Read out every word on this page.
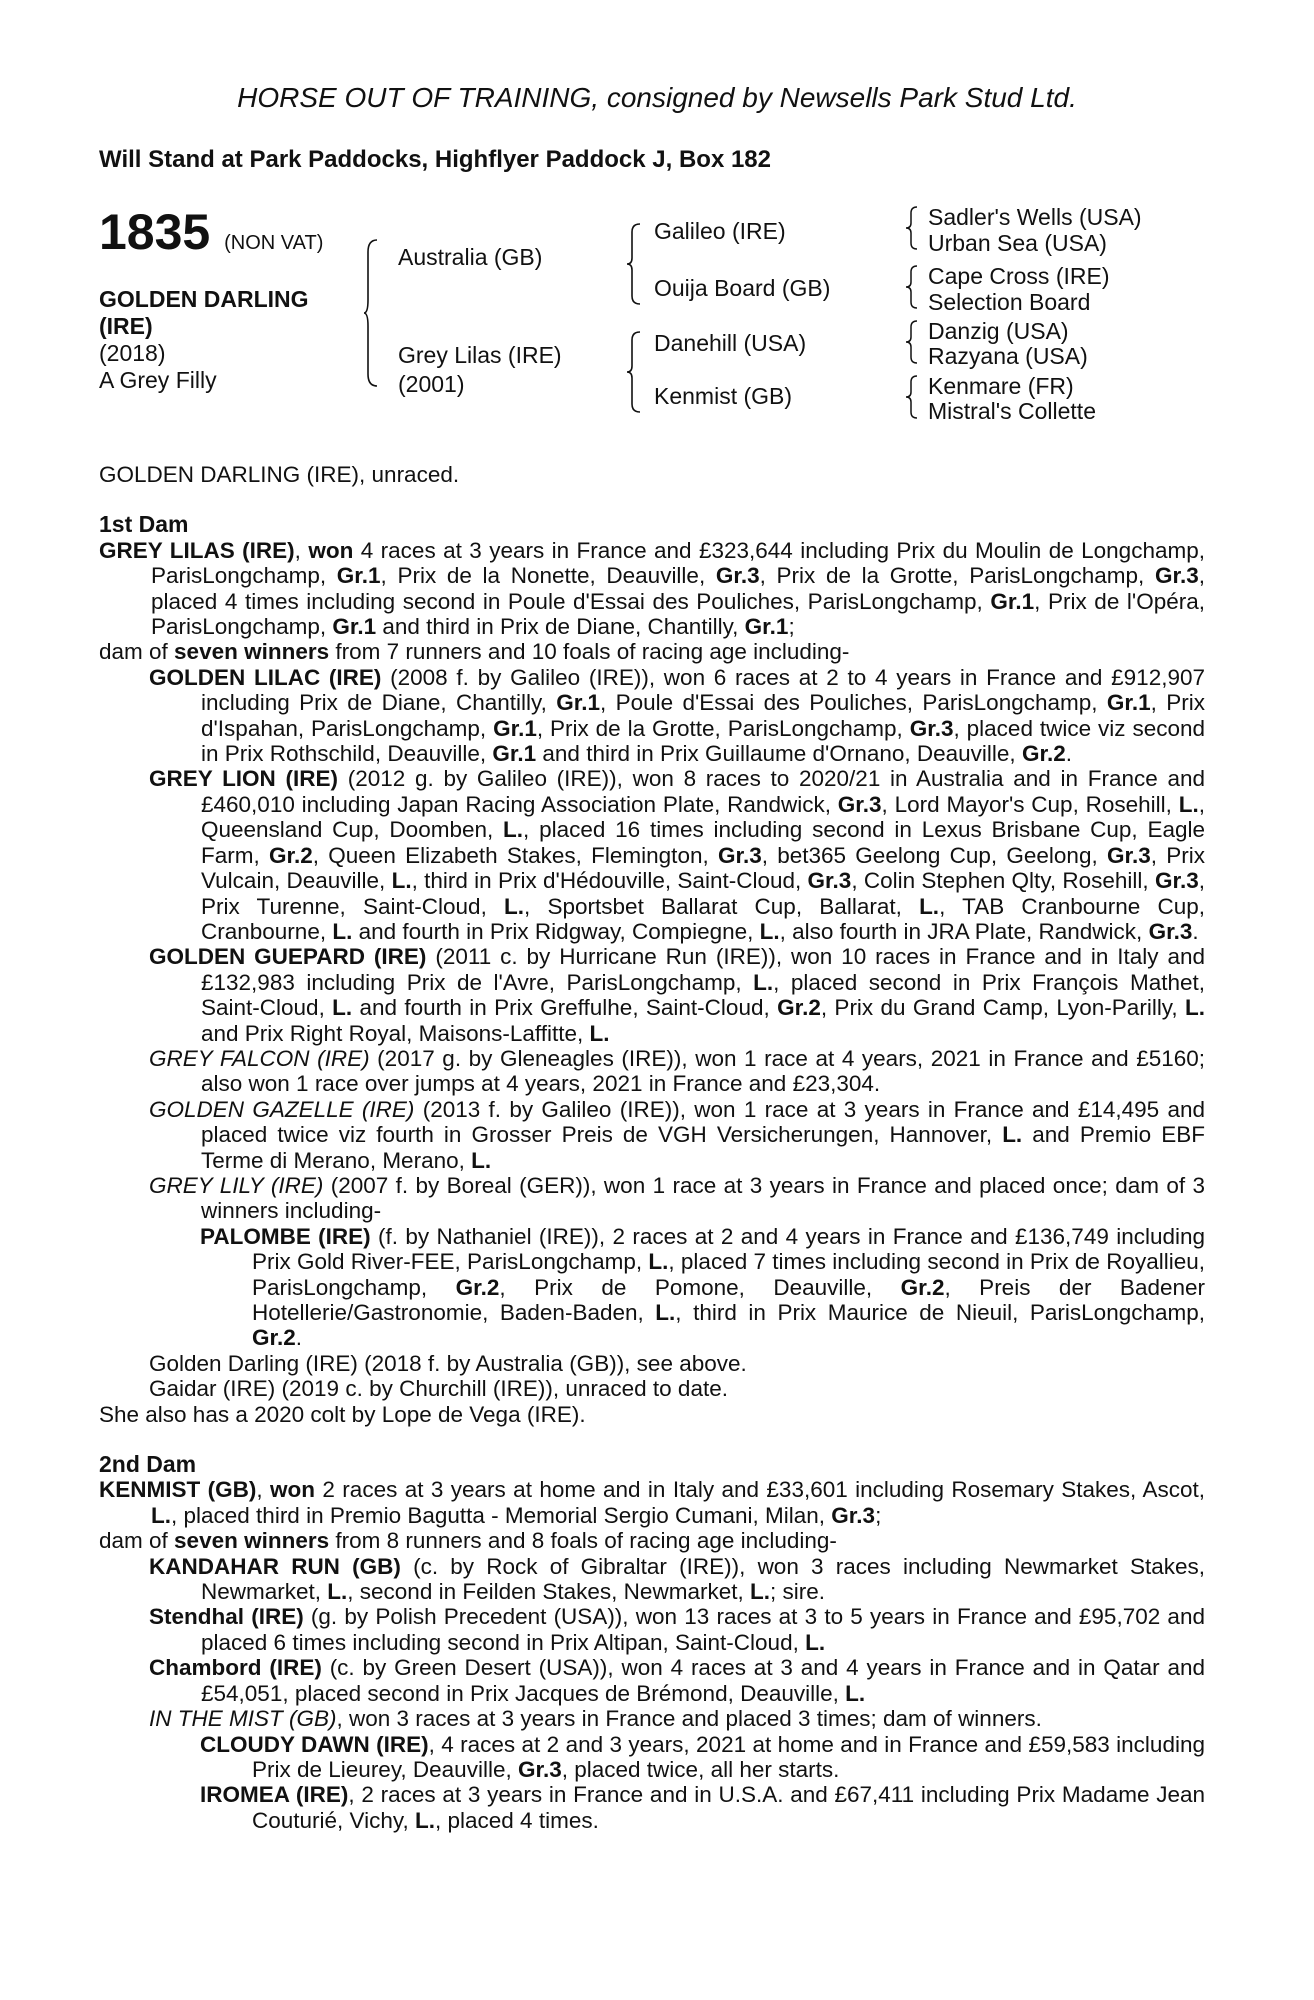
HORSE OUT OF TRAINING, consigned by Newsells Park Stud Ltd.
Will Stand at Park Paddocks, Highflyer Paddock J, Box 182
1835 (NON VAT)
GOLDEN DARLING
(IRE)
(2018)
A Grey Filly
Australia (GB)
Grey Lilas (IRE)
(2001)
Galileo (IRE)
Ouija Board (GB)
Danehill (USA)
Kenmist (GB)
Sadler's Wells (USA)
Urban Sea (USA)
Cape Cross (IRE)
Selection Board
Danzig (USA)
Razyana (USA)
Kenmare (FR)
Mistral's Collette

GOLDEN DARLING (IRE), unraced.

1st Dam

GREY LILAS (IRE), won 4 races at 3 years in France and £323,644 including Prix du Moulin de Longchamp, ParisLongchamp, Gr.1, Prix de la Nonette, Deauville, Gr.3, Prix de la Grotte, ParisLongchamp, Gr.3, placed 4 times including second in Poule d'Essai des Pouliches, ParisLongchamp, Gr.1, Prix de l'Opéra, ParisLongchamp, Gr.1 and third in Prix de Diane, Chantilly, Gr.1;

dam of seven winners from 7 runners and 10 foals of racing age including-

GOLDEN LILAC (IRE) (2008 f. by Galileo (IRE)), won 6 races at 2 to 4 years in France and £912,907 including Prix de Diane, Chantilly, Gr.1, Poule d'Essai des Pouliches, ParisLongchamp, Gr.1, Prix d'Ispahan, ParisLongchamp, Gr.1, Prix de la Grotte, ParisLongchamp, Gr.3, placed twice viz second in Prix Rothschild, Deauville, Gr.1 and third in Prix Guillaume d'Ornano, Deauville, Gr.2.

GREY LION (IRE) (2012 g. by Galileo (IRE)), won 8 races to 2020/21 in Australia and in France and £460,010 including Japan Racing Association Plate, Randwick, Gr.3, Lord Mayor's Cup, Rosehill, L., Queensland Cup, Doomben, L., placed 16 times including second in Lexus Brisbane Cup, Eagle Farm, Gr.2, Queen Elizabeth Stakes, Flemington, Gr.3, bet365 Geelong Cup, Geelong, Gr.3, Prix Vulcain, Deauville, L., third in Prix d'Hédouville, Saint-Cloud, Gr.3, Colin Stephen Qlty, Rosehill, Gr.3, Prix Turenne, Saint-Cloud, L., Sportsbet Ballarat Cup, Ballarat, L., TAB Cranbourne Cup, Cranbourne, L. and fourth in Prix Ridgway, Compiegne, L., also fourth in JRA Plate, Randwick, Gr.3.

GOLDEN GUEPARD (IRE) (2011 c. by Hurricane Run (IRE)), won 10 races in France and in Italy and £132,983 including Prix de l'Avre, ParisLongchamp, L., placed second in Prix François Mathet, Saint-Cloud, L. and fourth in Prix Greffulhe, Saint-Cloud, Gr.2, Prix du Grand Camp, Lyon-Parilly, L. and Prix Right Royal, Maisons-Laffitte, L.

GREY FALCON (IRE) (2017 g. by Gleneagles (IRE)), won 1 race at 4 years, 2021 in France and £5160; also won 1 race over jumps at 4 years, 2021 in France and £23,304.

GOLDEN GAZELLE (IRE) (2013 f. by Galileo (IRE)), won 1 race at 3 years in France and £14,495 and placed twice viz fourth in Grosser Preis de VGH Versicherungen, Hannover, L. and Premio EBF Terme di Merano, Merano, L.

GREY LILY (IRE) (2007 f. by Boreal (GER)), won 1 race at 3 years in France and placed once; dam of 3 winners including-

PALOMBE (IRE) (f. by Nathaniel (IRE)), 2 races at 2 and 4 years in France and £136,749 including Prix Gold River-FEE, ParisLongchamp, L., placed 7 times including second in Prix de Royallieu, ParisLongchamp, Gr.2, Prix de Pomone, Deauville, Gr.2, Preis der Badener Hotellerie/Gastronomie, Baden-Baden, L., third in Prix Maurice de Nieuil, ParisLongchamp, Gr.2.

Golden Darling (IRE) (2018 f. by Australia (GB)), see above.

Gaidar (IRE) (2019 c. by Churchill (IRE)), unraced to date.

She also has a 2020 colt by Lope de Vega (IRE).

2nd Dam

KENMIST (GB), won 2 races at 3 years at home and in Italy and £33,601 including Rosemary Stakes, Ascot, L., placed third in Premio Bagutta - Memorial Sergio Cumani, Milan, Gr.3;

dam of seven winners from 8 runners and 8 foals of racing age including-

KANDAHAR RUN (GB) (c. by Rock of Gibraltar (IRE)), won 3 races including Newmarket Stakes, Newmarket, L., second in Feilden Stakes, Newmarket, L.; sire.

Stendhal (IRE) (g. by Polish Precedent (USA)), won 13 races at 3 to 5 years in France and £95,702 and placed 6 times including second in Prix Altipan, Saint-Cloud, L.

Chambord (IRE) (c. by Green Desert (USA)), won 4 races at 3 and 4 years in France and in Qatar and £54,051, placed second in Prix Jacques de Brémond, Deauville, L.

IN THE MIST (GB), won 3 races at 3 years in France and placed 3 times; dam of winners.

CLOUDY DAWN (IRE), 4 races at 2 and 3 years, 2021 at home and in France and £59,583 including Prix de Lieurey, Deauville, Gr.3, placed twice, all her starts.

IROMEA (IRE), 2 races at 3 years in France and in U.S.A. and £67,411 including Prix Madame Jean Couturié, Vichy, L., placed 4 times.
